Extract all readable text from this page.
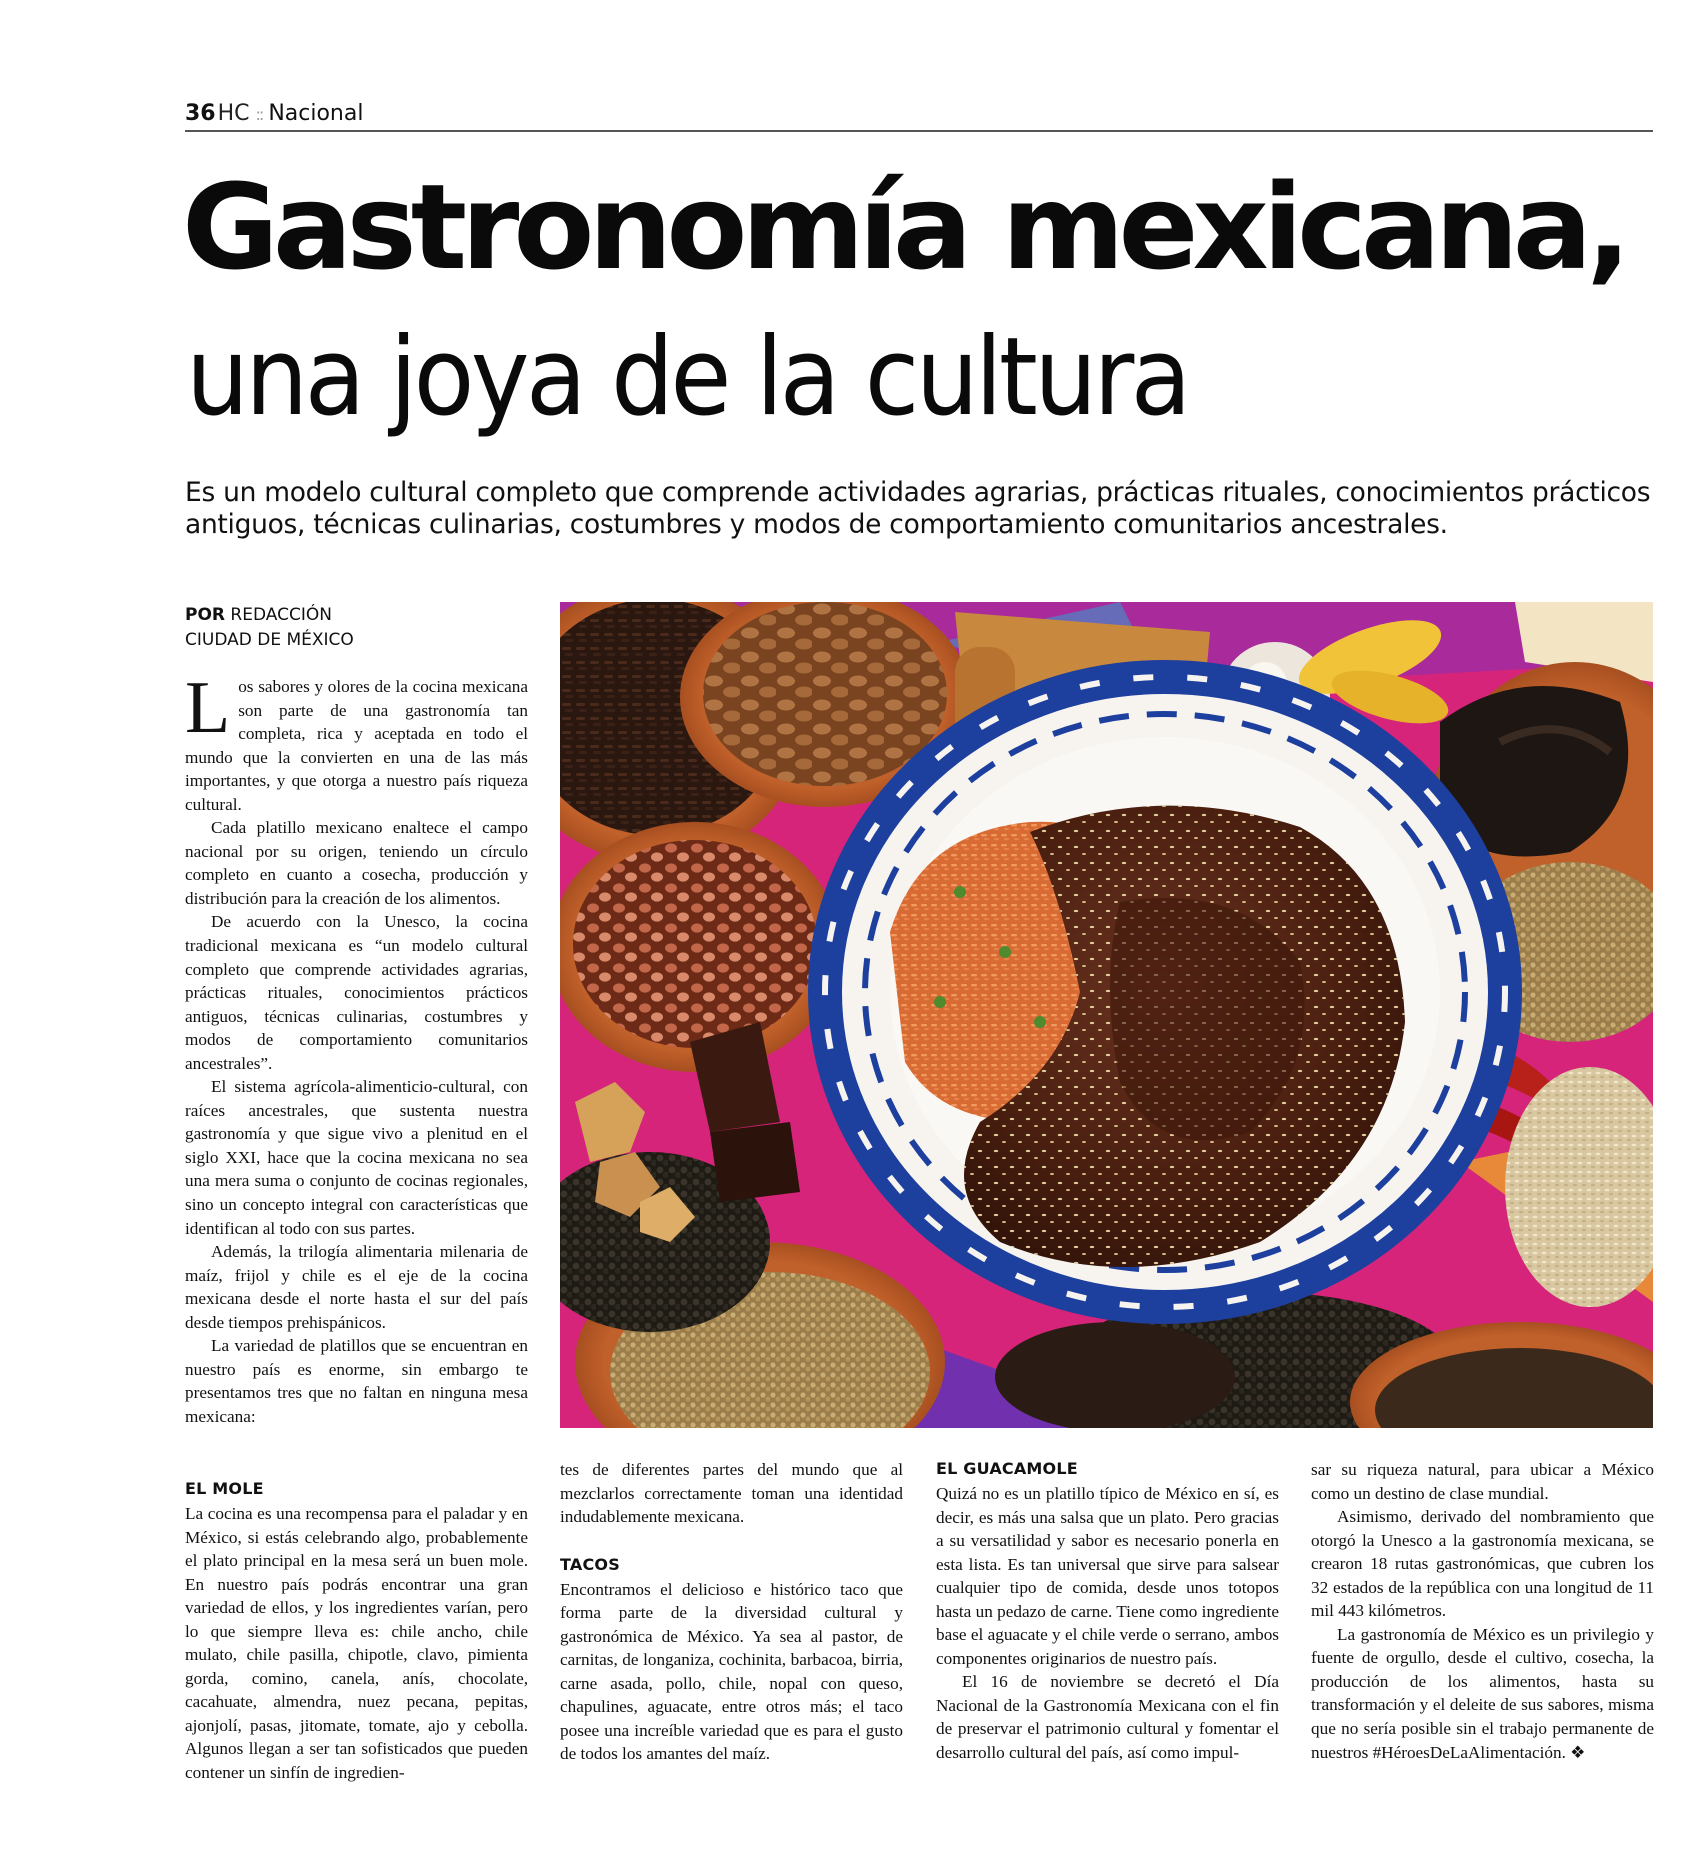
36HC :: Nacional
Gastronomía mexicana,
una joya de la cultura
Es un modelo cultural completo que comprende actividades agrarias, prácticas rituales, conocimientos prácticos antiguos, técnicas culinarias, costumbres y modos de comportamiento comunitarios ancestrales.
POR REDACCIÓN
CIUDAD DE MÉXICO

Los sabores y olores de la cocina mexicana son parte de una gastronomía tan completa, rica y aceptada en todo el mundo que la convierten en una de las más importantes, y que otorga a nuestro país riqueza cultural.

Cada platillo mexicano enaltece el campo nacional por su origen, teniendo un círculo completo en cuanto a cosecha, producción y distribución para la creación de los alimentos.

De acuerdo con la Unesco, la cocina tradicional mexicana es “un modelo cultural completo que comprende actividades agrarias, prácticas rituales, conocimientos prácticos antiguos, técnicas culinarias, costumbres y modos de comportamiento comunitarios ancestrales”.

El sistema agrícola-alimenticio-cultural, con raíces ancestrales, que sustenta nuestra gastronomía y que sigue vivo a plenitud en el siglo XXI, hace que la cocina mexicana no sea una mera suma o conjunto de cocinas regionales, sino un concepto integral con características que identifican al todo con sus partes.

Además, la trilogía alimentaria milenaria de maíz, frijol y chile es el eje de la cocina mexicana desde el norte hasta el sur del país desde tiempos prehispánicos.

La variedad de platillos que se encuentran en nuestro país es enorme, sin embargo te presentamos tres que no faltan en ninguna mesa mexicana:

EL MOLE

La cocina es una recompensa para el paladar y en México, si estás celebrando algo, probablemente el plato principal en la mesa será un buen mole. En nuestro país podrás encontrar una gran variedad de ellos, y los ingredientes varían, pero lo que siempre lleva es: chile ancho, chile mulato, chile pasilla, chipotle, clavo, pimienta gorda, comino, canela, anís, chocolate, cacahuate, almendra, nuez pecana, pepitas, ajonjolí, pasas, jitomate, tomate, ajo y cebolla. Algunos llegan a ser tan sofisticados que pueden contener un sinfín de ingredien-

tes de diferentes partes del mundo que al mezclarlos correctamente toman una identidad indudablemente mexicana.

TACOS

Encontramos el delicioso e histórico taco que forma parte de la diversidad cultural y gastronómica de México. Ya sea al pastor, de carnitas, de longaniza, cochinita, barbacoa, birria, carne asada, pollo, chile, nopal con queso, chapulines, aguacate, entre otros más; el taco posee una increíble variedad que es para el gusto de todos los amantes del maíz.

EL GUACAMOLE

Quizá no es un platillo típico de México en sí, es decir, es más una salsa que un plato. Pero gracias a su versatilidad y sabor es necesario ponerla en esta lista. Es tan universal que sirve para salsear cualquier tipo de comida, desde unos totopos hasta un pedazo de carne. Tiene como ingrediente base el aguacate y el chile verde o serrano, ambos componentes originarios de nuestro país.

El 16 de noviembre se decretó el Día Nacional de la Gastronomía Mexicana con el fin de preservar el patrimonio cultural y fomentar el desarrollo cultural del país, así como impul-

sar su riqueza natural, para ubicar a México como un destino de clase mundial.

Asimismo, derivado del nombramiento que otorgó la Unesco a la gastronomía mexicana, se crearon 18 rutas gastronómicas, que cubren los 32 estados de la república con una longitud de 11 mil 443 kilómetros.

La gastronomía de México es un privilegio y fuente de orgullo, desde el cultivo, cosecha, la producción de los alimentos, hasta su transformación y el deleite de sus sabores, misma que no sería posible sin el trabajo permanente de nuestros #HéroesDeLaAlimentación. ❖
